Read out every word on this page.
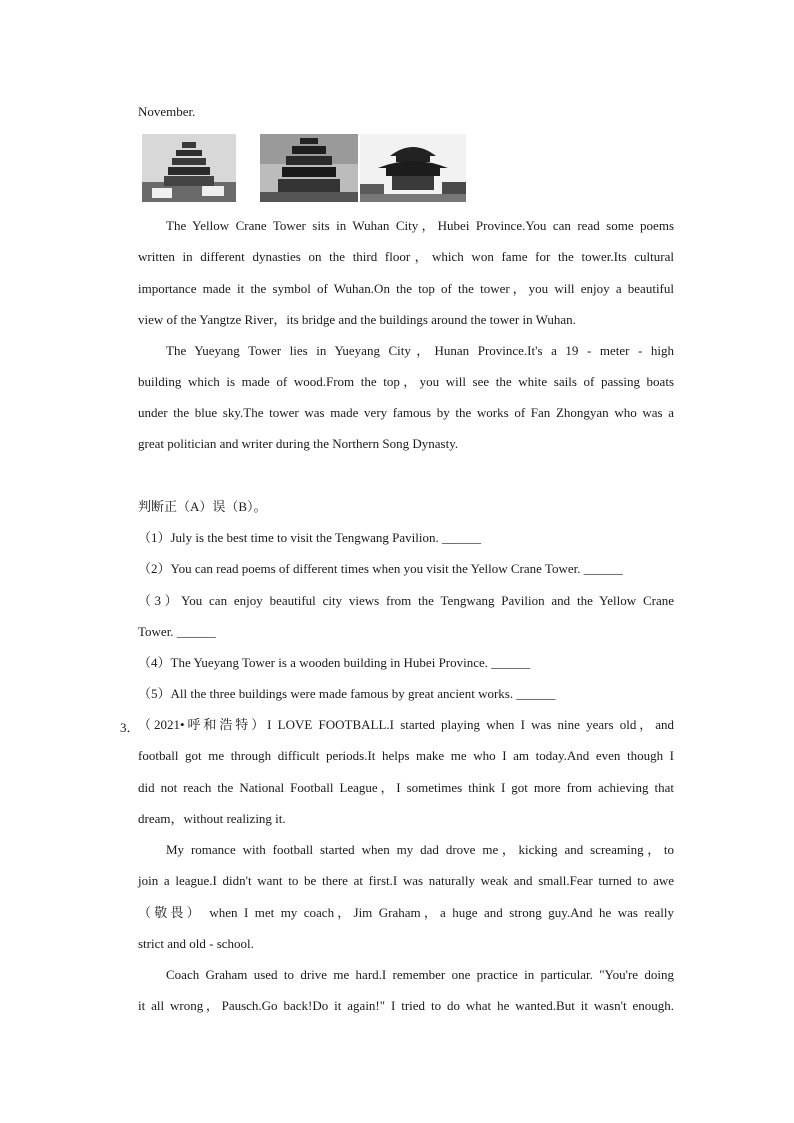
November.
The Yellow Crane Tower sits in Wuhan City，Hubei Province.You can read some poems
written in different dynasties on the third floor，which won fame for the tower.Its cultural
importance made it the symbol of Wuhan.On the top of the tower，you will enjoy a beautiful
view of the Yangtze River，its bridge and the buildings around the tower in Wuhan.
The Yueyang Tower lies in Yueyang City，Hunan Province.It's a 19 - meter - high
building which is made of wood.From the top，you will see the white sails of passing boats
under the blue sky.The tower was made very famous by the works of Fan Zhongyan who was a
great politician and writer during the Northern Song Dynasty.
判断正（A）误（B）。
（1）July is the best time to visit the Tengwang Pavilion. ______
（2）You can read poems of different times when you visit the Yellow Crane Tower. ______
（3）You can enjoy beautiful city views from the Tengwang Pavilion and the Yellow Crane
Tower. ______
（4）The Yueyang Tower is a wooden building in Hubei Province. ______
（5）All the three buildings were made famous by great ancient works. ______
3．
（2021•呼和浩特）I LOVE FOOTBALL.I started playing when I was nine years old，and
football got me through difficult periods.It helps make me who I am today.And even though I
did not reach the National Football League，I sometimes think I got more from achieving that
dream，without realizing it.
My romance with football started when my dad drove me，kicking and screaming，to
join a league.I didn't want to be there at first.I was naturally weak and small.Fear turned to awe
（敬畏） when I met my coach，Jim Graham，a huge and strong guy.And he was really
strict and old - school.
Coach Graham used to drive me hard.I remember one practice in particular. "You're doing
it all wrong，Pausch.Go back!Do it again!" I tried to do what he wanted.But it wasn't enough.
